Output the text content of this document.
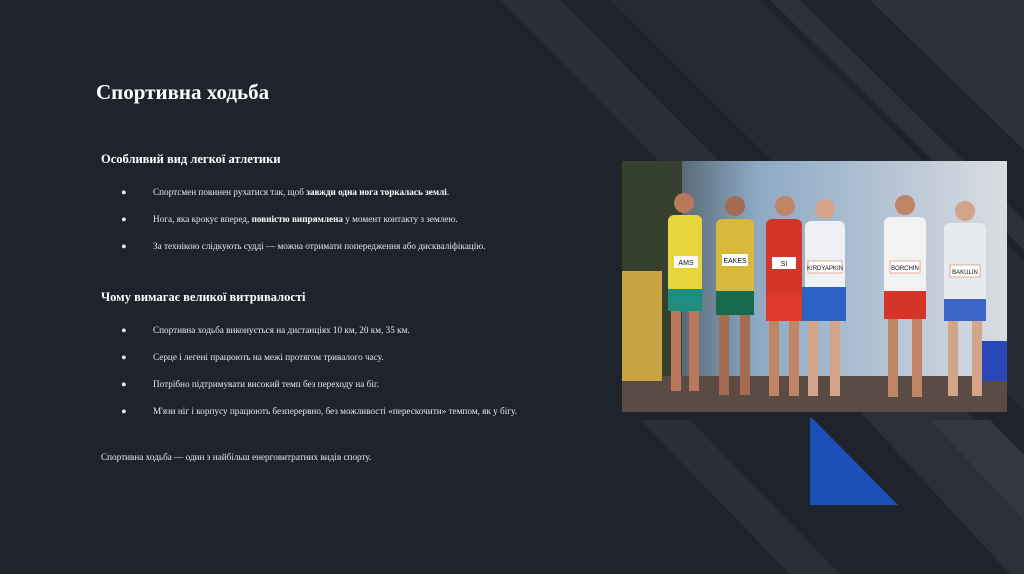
Спортивна ходьба
Особливий вид легкої атлетики
●	Спортсмен повинен рухатися так, щоб завжди одна нога торкалась землі.
●	Нога, яка крокує вперед, повністю випрямлена у момент контакту з землею.
●	За технікою слідкують судді — можна отримати попередження або дискваліфікацію.
Чому вимагає великої витривалості
●	Спортивна ходьба виконується на дистанціях 10 км, 20 км, 35 км.
●	Серце і легені працюють на межі протягом тривалого часу.
●	Потрібно підтримувати високий темп без переходу на біг.
●	М'язи ніг і корпусу працюють безперервно, без можливості «перескочити» темпом, як у бігу.
Спортивна ходьба — один з найбільш енерговитратних видів спорту.
AMS	EAKES	SI
KIRDYAPKIN	BORCHIN
BAKULIN
